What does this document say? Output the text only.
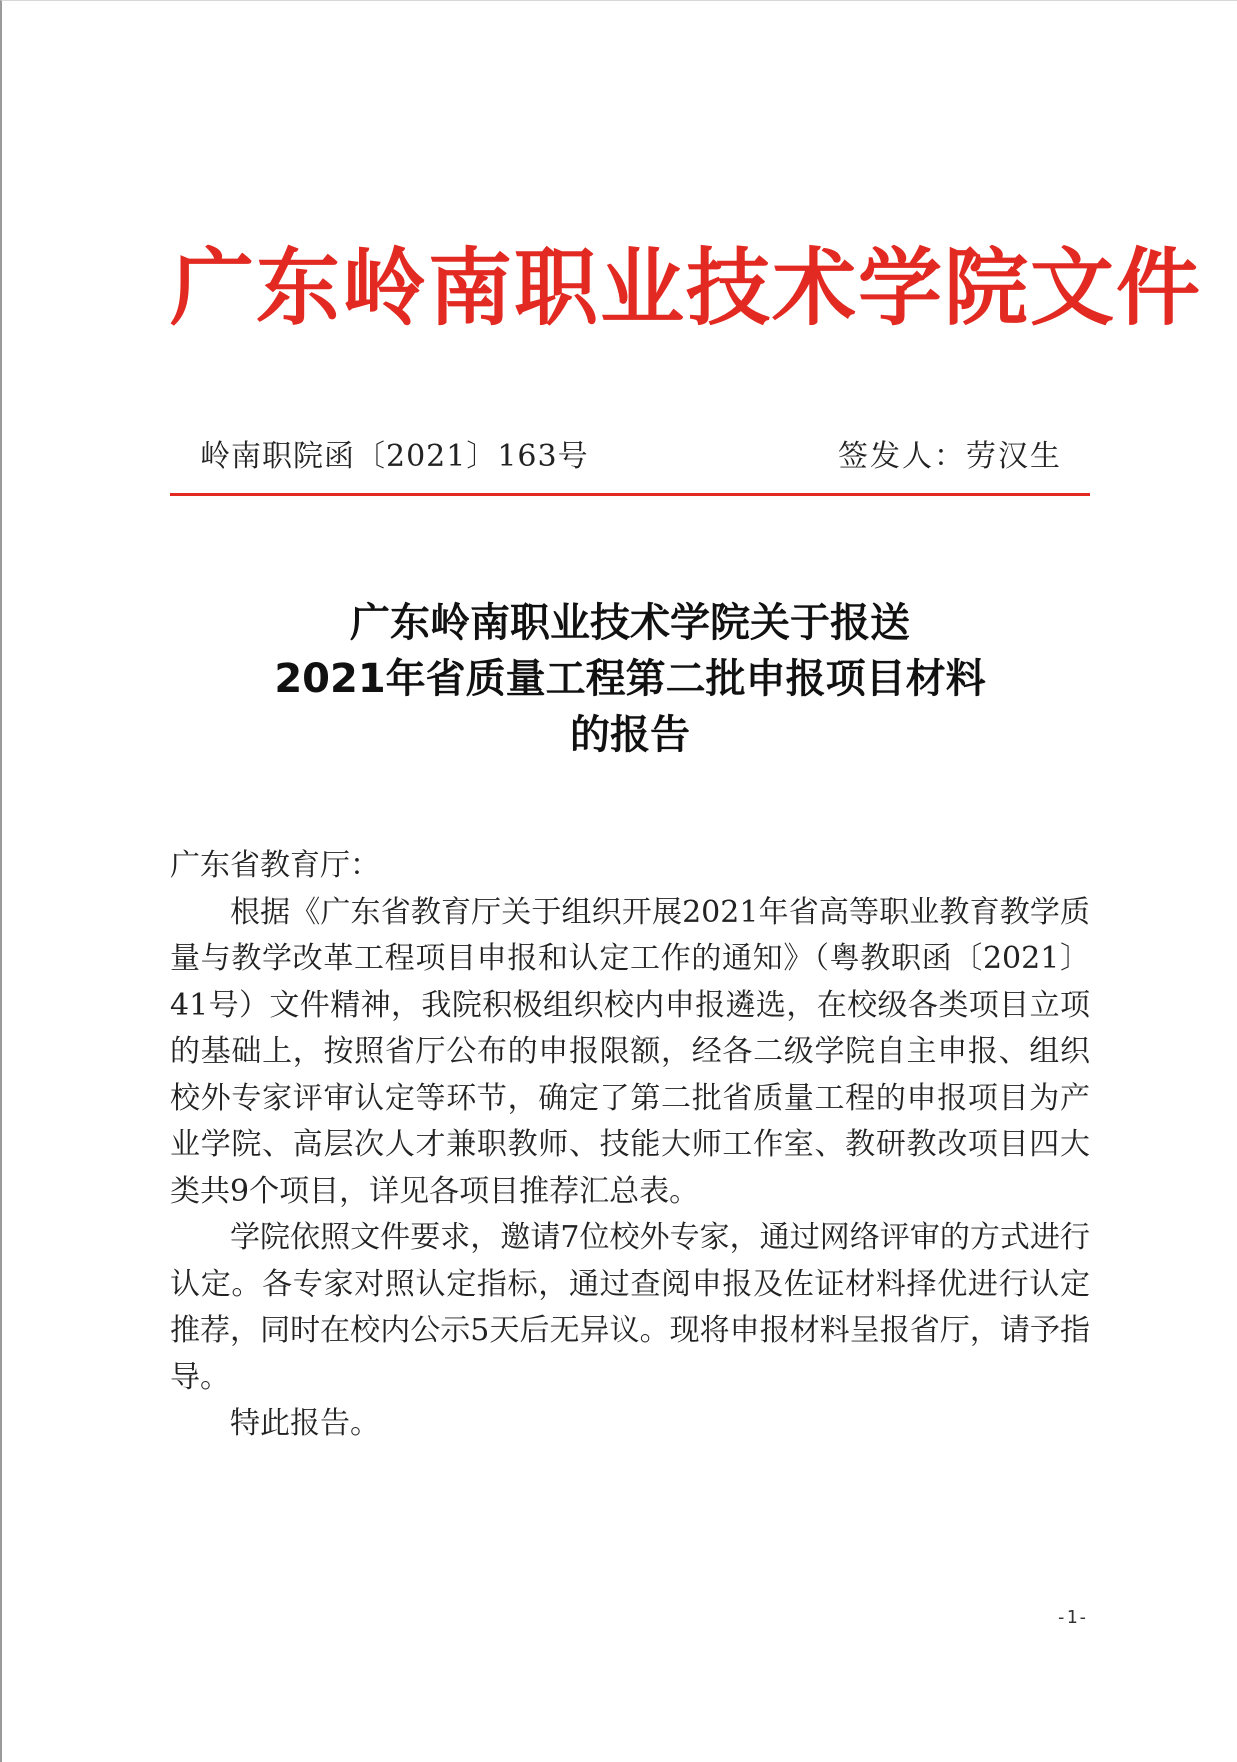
广东岭南职业技术学院文件
岭南职院函〔2021〕163号	签发人：劳汉生
广东岭南职业技术学院关于报送
2021年省质量工程第二批申报项目材料
的报告

广东省教育厅：

根据《广东省教育厅关于组织开展2021年省高等职业教育教学质量与教学改革工程项目申报和认定工作的通知》（粤教职函〔2021〕41号）文件精神，我院积极组织校内申报遴选，在校级各类项目立项的基础上，按照省厅公布的申报限额，经各二级学院自主申报、组织校外专家评审认定等环节，确定了第二批省质量工程的申报项目为产业学院、高层次人才兼职教师、技能大师工作室、教研教改项目四大类共9个项目，详见各项目推荐汇总表。

学院依照文件要求，邀请7位校外专家，通过网络评审的方式进行认定。各专家对照认定指标，通过查阅申报及佐证材料择优进行认定推荐，同时在校内公示5天后无异议。现将申报材料呈报省厅，请予指导。

特此报告。

-1-
